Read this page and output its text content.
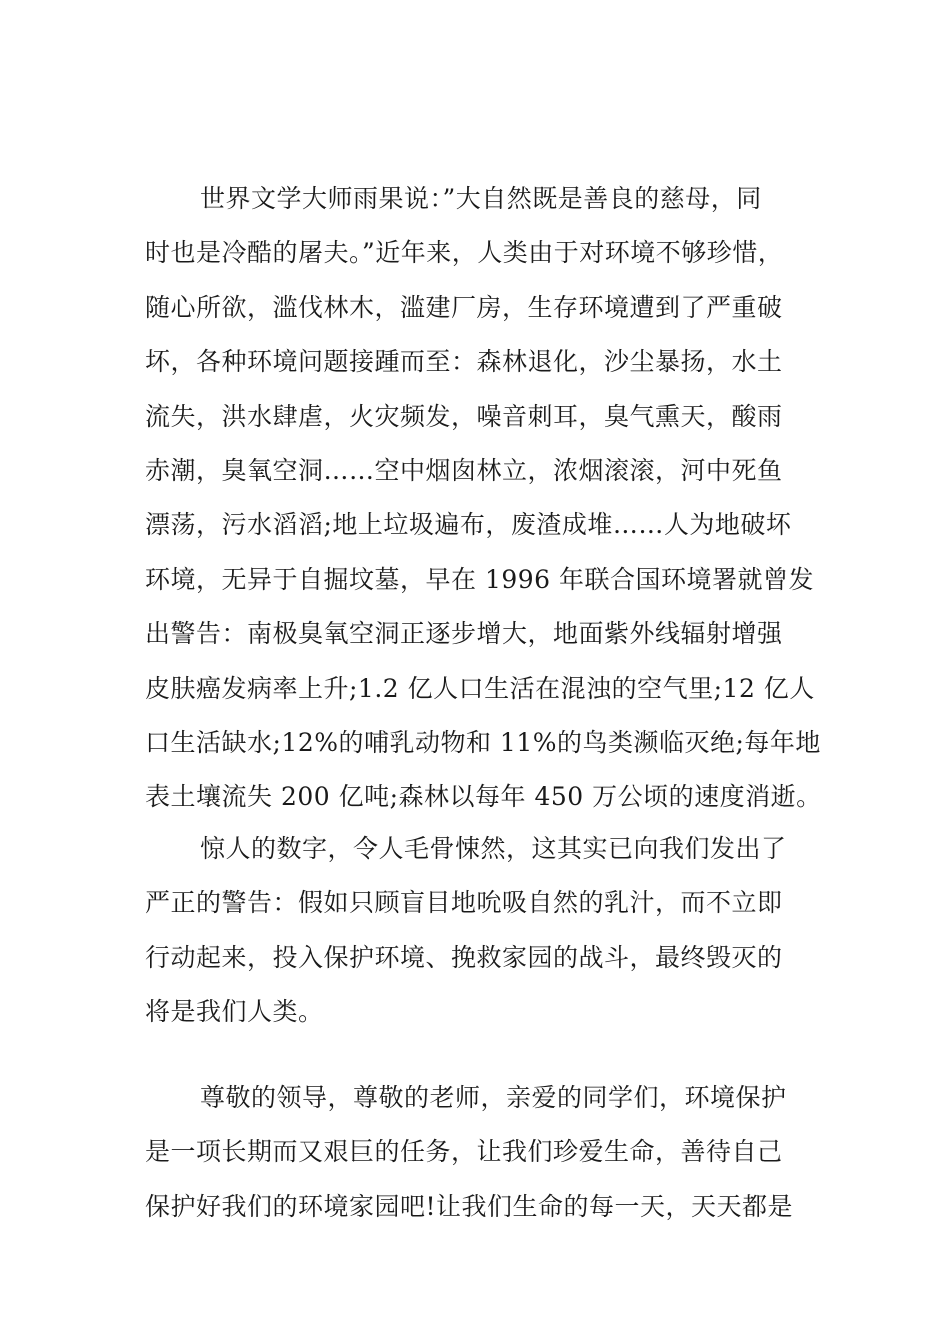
世界文学大师雨果说：”大自然既是善良的慈母，同
时也是冷酷的屠夫。”近年来，人类由于对环境不够珍惜，
随心所欲，滥伐林木，滥建厂房，生存环境遭到了严重破
坏，各种环境问题接踵而至：森林退化，沙尘暴扬，水土
流失，洪水肆虐，火灾频发，噪音刺耳，臭气熏天，酸雨
赤潮，臭氧空洞……空中烟囱林立，浓烟滚滚，河中死鱼
漂荡，污水滔滔;地上垃圾遍布，废渣成堆……人为地破坏
环境，无异于自掘坟墓，早在 1996 年联合国环境署就曾发
出警告：南极臭氧空洞正逐步增大，地面紫外线辐射增强
皮肤癌发病率上升;1.2 亿人口生活在混浊的空气里;12 亿人
口生活缺水;12%的哺乳动物和 11%的鸟类濒临灭绝;每年地
表土壤流失 200 亿吨;森林以每年 450 万公顷的速度消逝。

惊人的数字，令人毛骨悚然，这其实已向我们发出了
严正的警告：假如只顾盲目地吮吸自然的乳汁，而不立即
行动起来，投入保护环境、挽救家园的战斗，最终毁灭的
将是我们人类。

尊敬的领导，尊敬的老师，亲爱的同学们，环境保护
是一项长期而又艰巨的任务，让我们珍爱生命，善待自己
保护好我们的环境家园吧!让我们生命的每一天，天天都是
